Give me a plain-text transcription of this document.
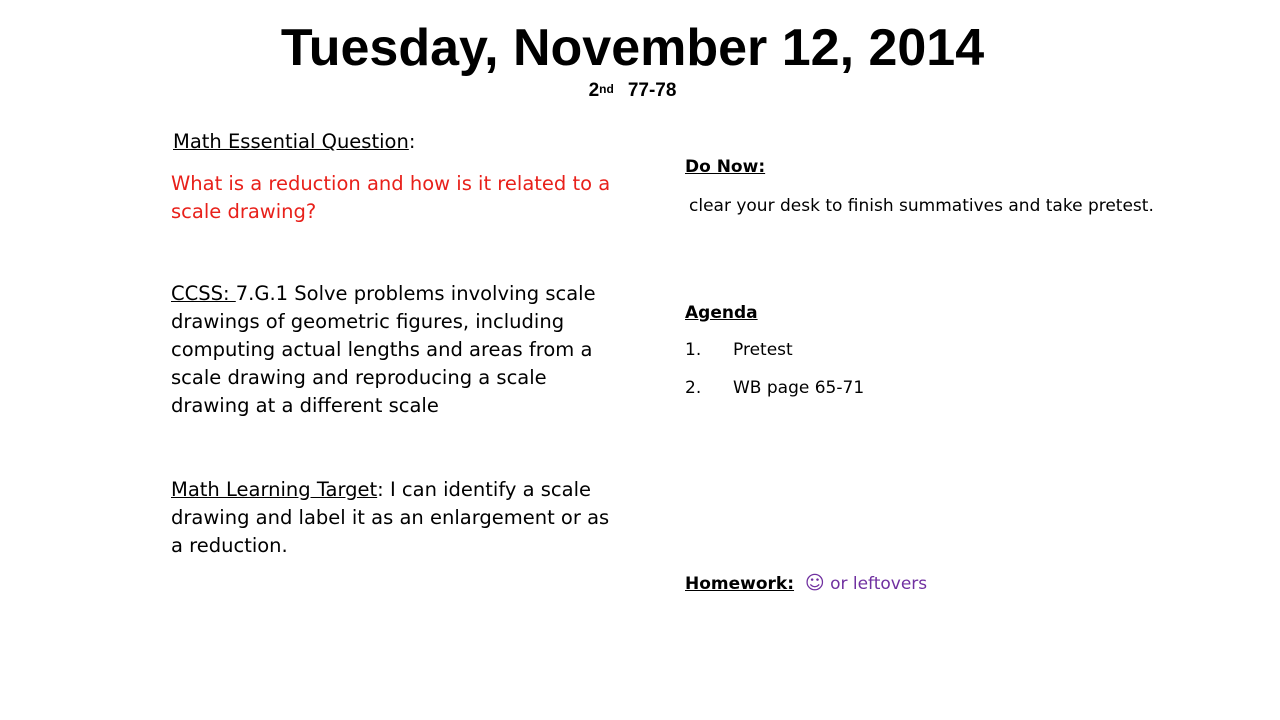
Tuesday, November 12, 2014
2nd 77-78

Math Essential Question:

What is a reduction and how is it related to a scale drawing?

CCSS: 7.G.1 Solve problems involving scale drawings of geometric figures, including computing actual lengths and areas from a scale drawing and reproducing a scale drawing at a different scale

Math Learning Target: I can identify a scale drawing and label it as an enlargement or as a reduction.

Do Now:

clear your desk to finish summatives and take pretest.

Agenda

1.	Pretest
2.	WB page 65-71

Homework: ☺ or leftovers
